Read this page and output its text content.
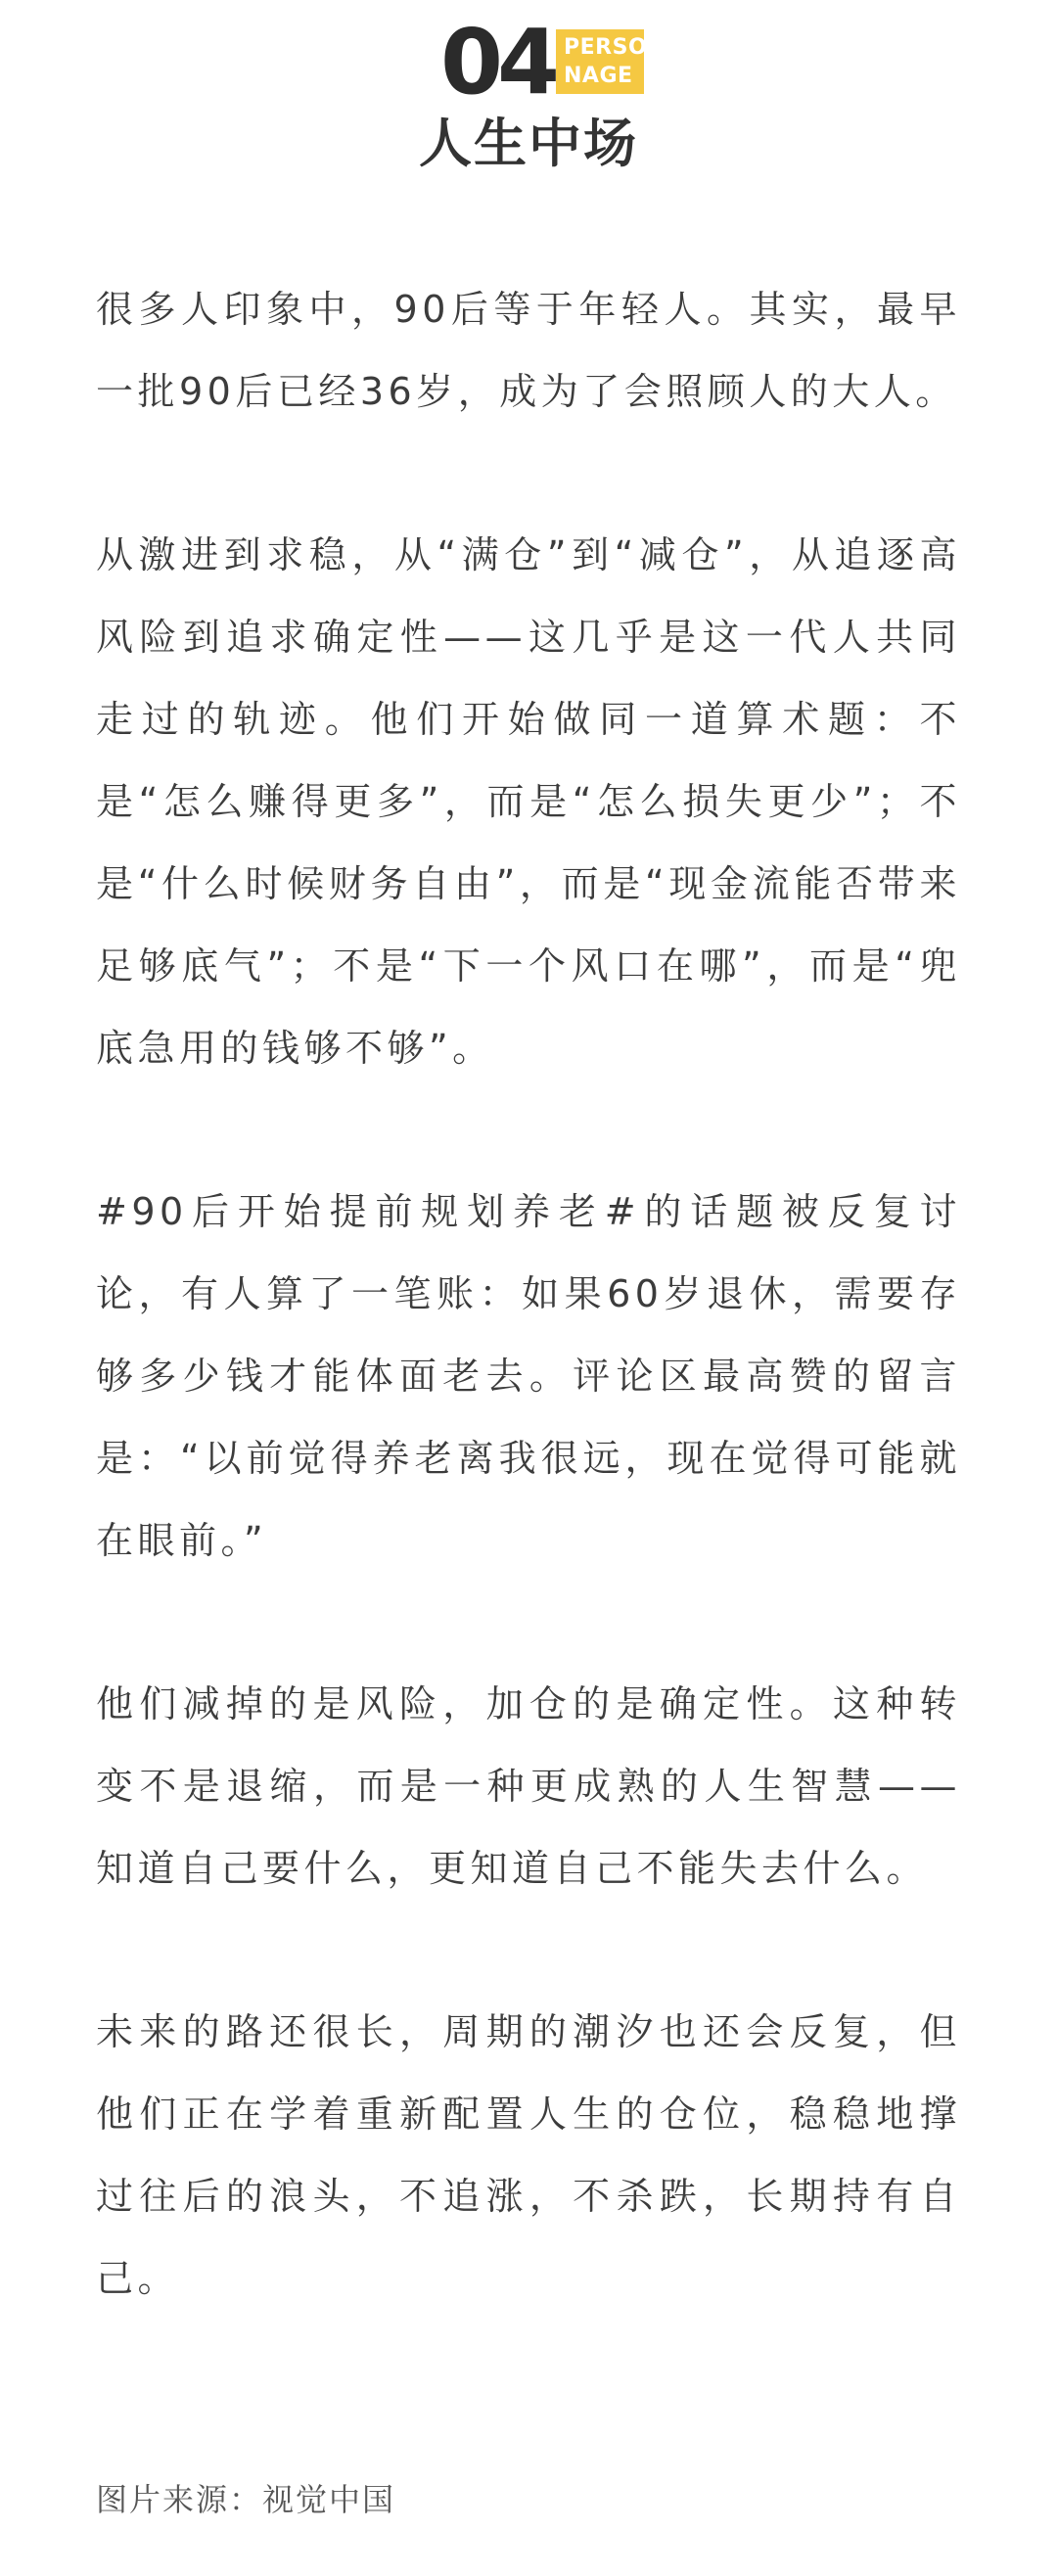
04 PERSO
NAGE
人生中场

很多人印象中，90后等于年轻人。其实，最早一批90后已经36岁，成为了会照顾人的大人。

从激进到求稳，从“满仓”到“减仓”，从追逐高风险到追求确定性——这几乎是这一代人共同走过的轨迹。他们开始做同一道算术题：不是“怎么赚得更多”，而是“怎么损失更少”；不是“什么时候财务自由”，而是“现金流能否带来足够底气”；不是“下一个风口在哪”，而是“兜底急用的钱够不够”。

#90后开始提前规划养老#的话题被反复讨论，有人算了一笔账：如果60岁退休，需要存够多少钱才能体面老去。评论区最高赞的留言是：“以前觉得养老离我很远，现在觉得可能就在眼前。”

他们减掉的是风险，加仓的是确定性。这种转变不是退缩，而是一种更成熟的人生智慧——知道自己要什么，更知道自己不能失去什么。

未来的路还很长，周期的潮汐也还会反复，但他们正在学着重新配置人生的仓位，稳稳地撑过往后的浪头，不追涨，不杀跌，长期持有自己。

图片来源：视觉中国
